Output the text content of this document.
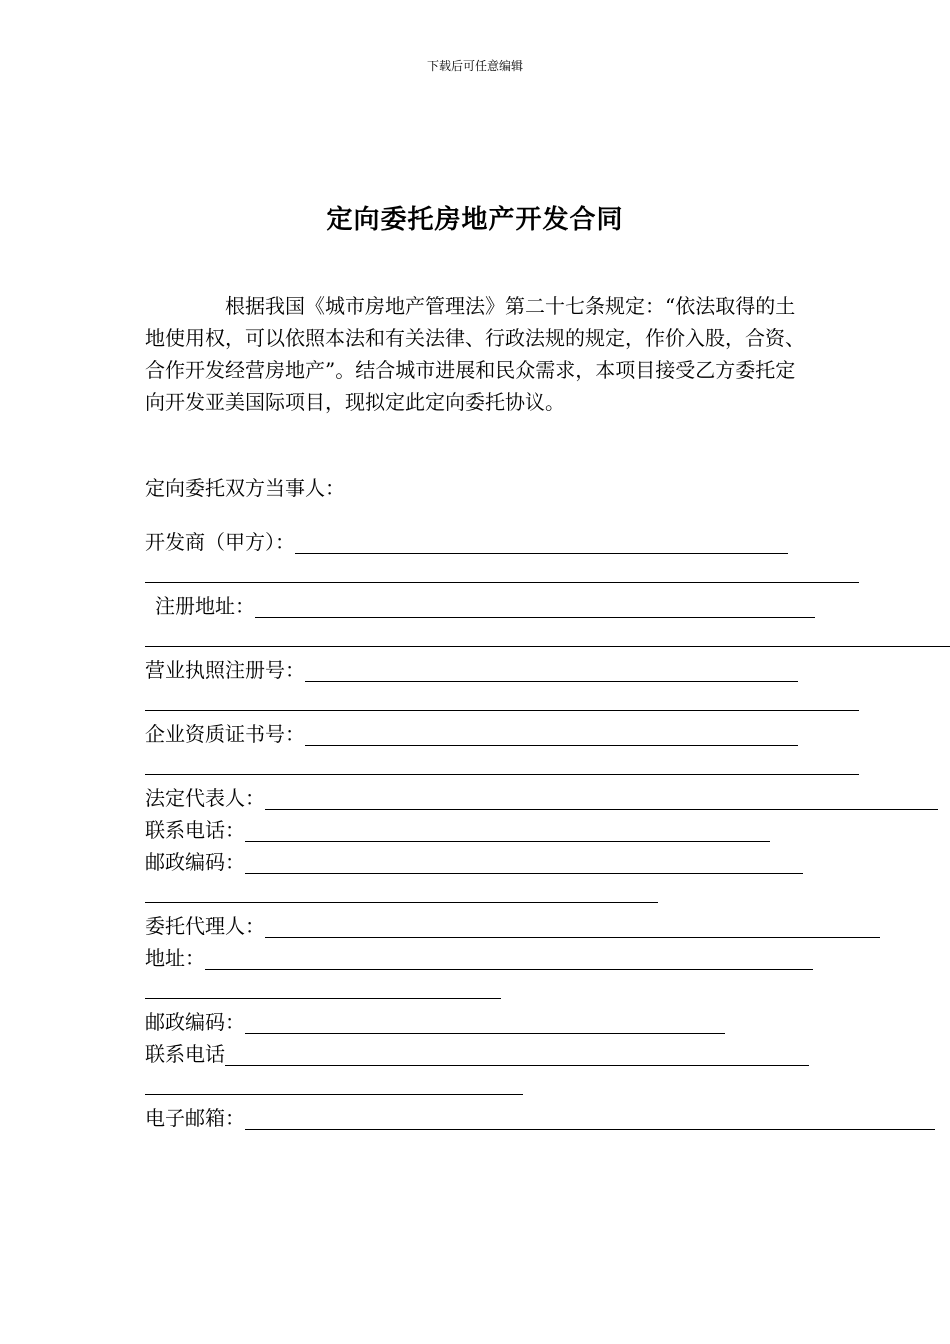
下载后可任意编辑
定向委托房地产开发合同

根据我国《城市房地产管理法》第二十七条规定：“依法取得的土地使用权，可以依照本法和有关法律、行政法规的规定，作价入股，合资、合作开发经营房地产”。结合城市进展和民众需求，本项目接受乙方委托定向开发亚美国际项目，现拟定此定向委托协议。

定向委托双方当事人：
开发商（甲方）：
注册地址：
营业执照注册号：
企业资质证书号：
法定代表人：
联系电话：
邮政编码：
委托代理人：
地址：
邮政编码：
联系电话
电子邮箱：
